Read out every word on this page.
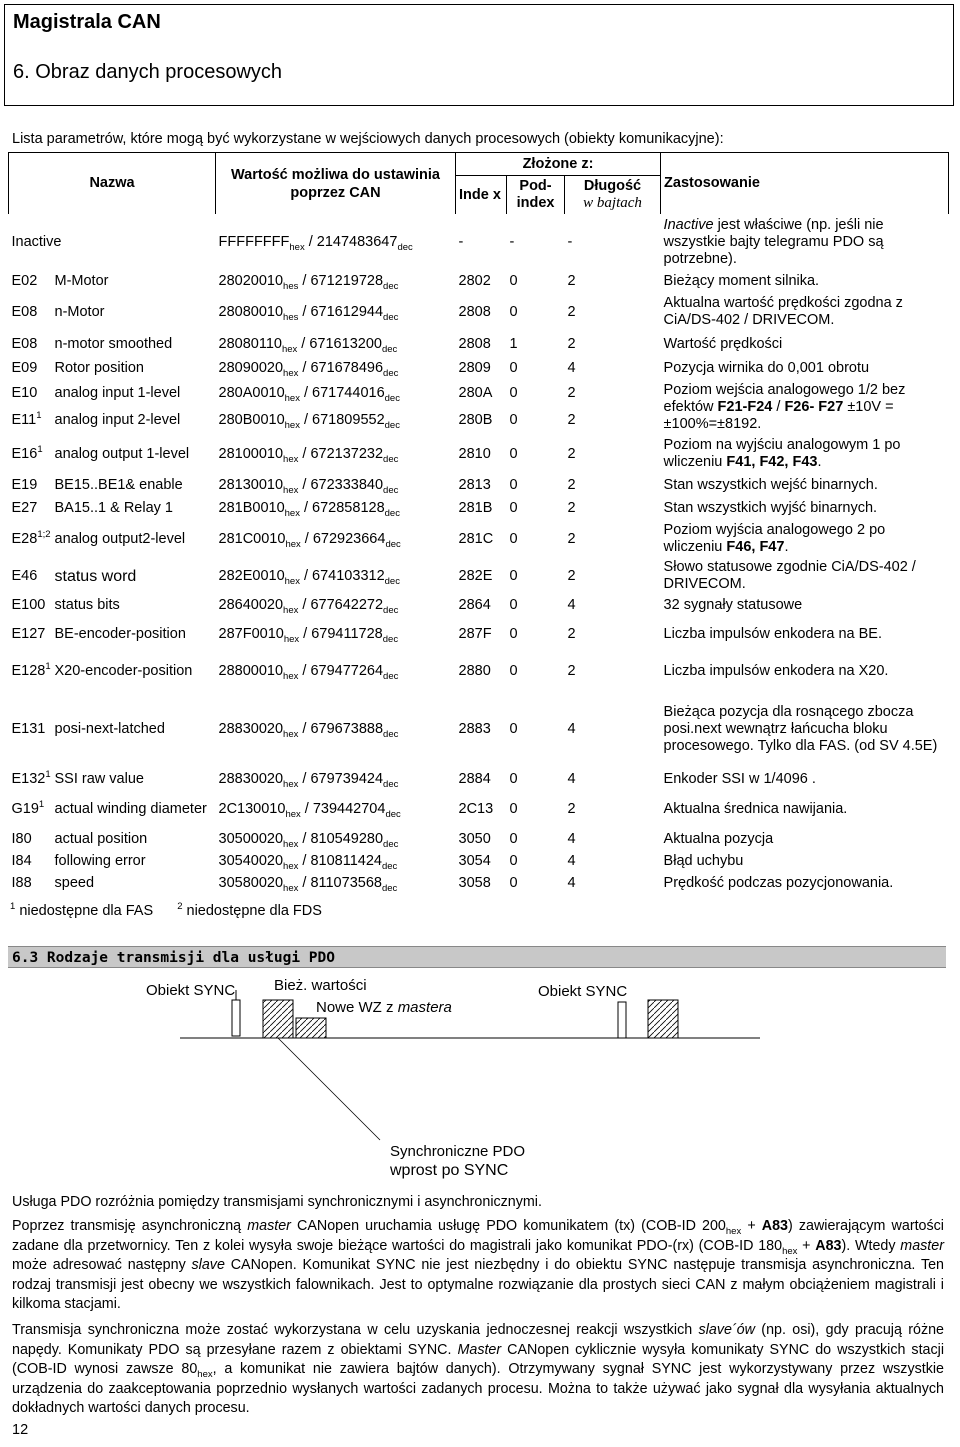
Magistrala CAN
6. Obraz danych procesowych
Lista parametrów, które mogą być wykorzystane w wejściowych danych procesowych (obiekty komunikacyjne):
Nazwa		Wartość możliwa do ustawinia poprzez CAN	Złożone z:			Zastosowanie
			Inde x	Pod-index	Długość
w bajtach	
Inactive		$FFFFFFFF_{hex} / 2147483647_{dec}$	-	-	-	Inactive jest właściwe (np. jeśli nie wszystkie bajty telegramu PDO są potrzebne).
E02	M-Motor	$28020010_{hes} / 671219728_{dec}$	2802	0	2	Bieżący moment silnika.
E08	n-Motor	$28080010_{hes} / 671612944_{dec}$	2808	0	2	Aktualna wartość prędkości zgodna z CiA/DS-402 / DRIVECOM.
E08	n-motor smoothed	$28080110_{hex} / 671613200_{dec}$	2808	1	2	Wartość prędkości
E09	Rotor position	$28090020_{hex} / 671678496_{dec}$	2809	0	4	Pozycja wirnika do 0,001 obrotu
E10	analog input 1-level	$280A0010_{hex} / 671744016_{dec}$	280A	0	2	Poziom wejścia analogowego 1/2 bez efektów F21-F24 / F26- F27 ±10V = ±100%=±8192.
$E11^1$	analog input 2-level	$280B0010_{hex} / 671809552_{dec}$	280B	0	2	
$E16^1$	analog output 1-level	$28100010_{hex} / 672137232_{dec}$	2810	0	2	Poziom na wyjściu analogowym 1 po wliczeniu F41, F42, F43.
E19	BE15..BE1& enable	$28130010_{hex} / 672333840_{dec}$	2813	0	2	Stan wszystkich wejść binarnych.
E27	BA15..1 & Relay 1	$281B0010_{hex} / 672858128_{dec}$	281B	0	2	Stan wszystkich wyjść binarnych.
E28$^{1;2}$	analog output2-level	$281C0010_{hex} / 672923664_{dec}$	281C	0	2	Poziom wyjścia analogowego 2 po wliczeniu F46, F47.
E46	status word	$282E0010_{hex} / 674103312_{dec}$	282E	0	2	Słowo statusowe zgodnie CiA/DS-402 / DRIVECOM.
E100	status bits	$28640020_{hex} / 677642272_{dec}$	2864	0	4	32 sygnały statusowe
E127	BE-encoder-position	$287F0010_{hex} / 679411728_{dec}$	287F	0	2	Liczba impulsów enkodera na BE.
$E128^1$	X20-encoder-position	$28800010_{hex} / 679477264_{dec}$	2880	0	2	Liczba impulsów enkodera na X20.
E131	posi-next-latched	$28830020_{hex} / 679673888_{dec}$	2883	0	4	Bieżąca pozycja dla rosnącego zbocza posi.next wewnątrz łańcucha bloku procesowego. Tylko dla FAS. (od SV 4.5E)
$E132^1$	SSI raw value	$28830020_{hex} / 679739424_{dec}$	2884	0	4	Enkoder SSI w 1/4096 .
$G19^1$	actual winding diameter	$2C130010_{hex} / 739442704_{dec}$	2C13	0	2	Aktualna średnica nawijania.
I80	actual position	$30500020_{hex} / 810549280_{dec}$	3050	0	4	Aktualna pozycja
I84	following error	$30540020_{hex} / 810811424_{dec}$	3054	0	4	Błąd uchybu
I88	speed	$30580020_{hex} / 811073568_{dec}$	3058	0	4	Prędkość podczas pozycjonowania.
$^1$ niedostępne dla FAS	$^2$ niedostępne dla FDS
6.3 Rodzaje transmisji dla usługi PDO
Obiekt SYNC	Bież. wartości
Nowe WZ z mastera
Obiekt SYNC
Synchroniczne PDO
wprost po SYNC
Usługa PDO rozróżnia pomiędzy transmisjami synchronicznymi i asynchronicznymi.
Poprzez transmisję asynchroniczną master CANopen uruchamia usługę PDO komunikatem (tx) (COB-ID $200_{hex} + A83$) zawierającym wartości zadane dla przetwornicy. Ten z kolei wysyła swoje bieżące wartości do magistrali jako komunikat PDO-(rx) (COB-ID $180_{hex} + A83$). Wtedy master może adresować następny slave CANopen. Komunikat SYNC nie jest niezbędny i do obiektu SYNC następuje transmisja asynchroniczna. Ten rodzaj transmisji jest obecny we wszystkich falownikach. Jest to optymalne rozwiązanie dla prostych sieci CAN z małym obciążeniem magistrali i kilkoma stacjami.
Transmisja synchroniczna może zostać wykorzystana w celu uzyskania jednoczesnej reakcji wszystkich slave´ów (np. osi), gdy pracują różne napędy. Komunikaty PDO są przesyłane razem z obiektami SYNC. Master CANopen cyklicznie wysyła komunikaty SYNC do wszystkich stacji (COB-ID wynosi zawsze $80_{hex}$, a komunikat nie zawiera bajtów danych). Otrzymywany sygnał SYNC jest wykorzystywany przez wszystkie urządzenia do zaakceptowania poprzednio wysłanych wartości zadanych procesu. Można to także używać jako sygnał dla wysyłania aktualnych dokładnych wartości danych procesu.
12
